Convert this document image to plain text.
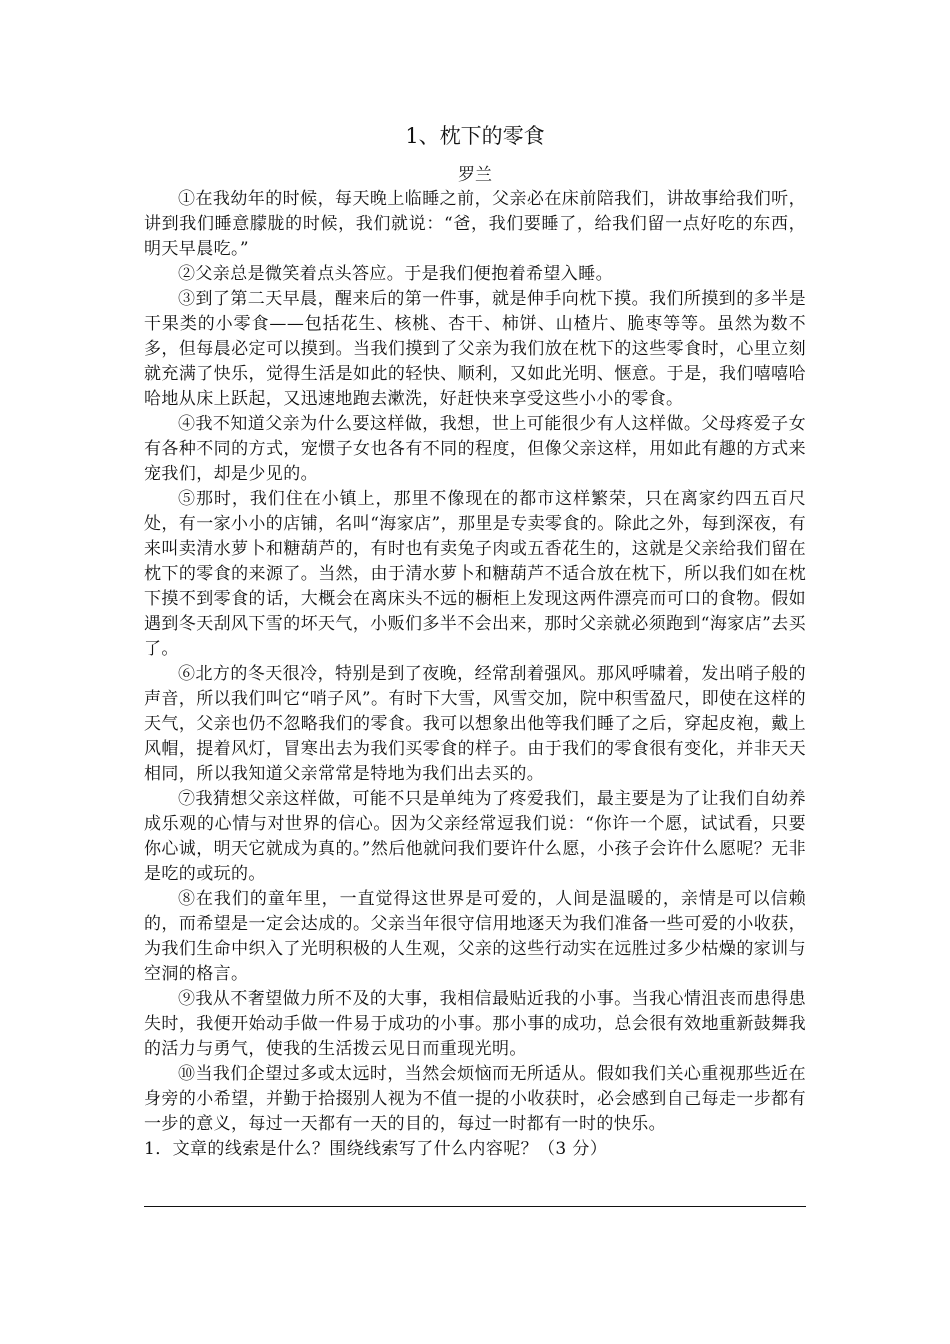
1、枕下的零食
罗兰

①在我幼年的时候，每天晚上临睡之前，父亲必在床前陪我们，讲故事给我们听，讲到我们睡意朦胧的时候，我们就说：“爸，我们要睡了，给我们留一点好吃的东西，明天早晨吃。”

②父亲总是微笑着点头答应。于是我们便抱着希望入睡。

③到了第二天早晨，醒来后的第一件事，就是伸手向枕下摸。我们所摸到的多半是干果类的小零食——包括花生、核桃、杏干、柿饼、山楂片、脆枣等等。虽然为数不多，但每晨必定可以摸到。当我们摸到了父亲为我们放在枕下的这些零食时，心里立刻就充满了快乐，觉得生活是如此的轻快、顺利，又如此光明、惬意。于是，我们嘻嘻哈哈地从床上跃起，又迅速地跑去漱洗，好赶快来享受这些小小的零食。

④我不知道父亲为什么要这样做，我想，世上可能很少有人这样做。父母疼爱子女有各种不同的方式，宠惯子女也各有不同的程度，但像父亲这样，用如此有趣的方式来宠我们，却是少见的。

⑤那时，我们住在小镇上，那里不像现在的都市这样繁荣，只在离家约四五百尺处，有一家小小的店铺，名叫“海家店”，那里是专卖零食的。除此之外，每到深夜，有来叫卖清水萝卜和糖葫芦的，有时也有卖兔子肉或五香花生的，这就是父亲给我们留在枕下的零食的来源了。当然，由于清水萝卜和糖葫芦不适合放在枕下，所以我们如在枕下摸不到零食的话，大概会在离床头不远的橱柜上发现这两件漂亮而可口的食物。假如遇到冬天刮风下雪的坏天气，小贩们多半不会出来，那时父亲就必须跑到“海家店”去买了。

⑥北方的冬天很冷，特别是到了夜晚，经常刮着强风。那风呼啸着，发出哨子般的声音，所以我们叫它“哨子风”。有时下大雪，风雪交加，院中积雪盈尺，即使在这样的天气，父亲也仍不忽略我们的零食。我可以想象出他等我们睡了之后，穿起皮袍，戴上风帽，提着风灯，冒寒出去为我们买零食的样子。由于我们的零食很有变化，并非天天相同，所以我知道父亲常常是特地为我们出去买的。

⑦我猜想父亲这样做，可能不只是单纯为了疼爱我们，最主要是为了让我们自幼养成乐观的心情与对世界的信心。因为父亲经常逗我们说：“你许一个愿，试试看，只要你心诚，明天它就成为真的。”然后他就问我们要许什么愿，小孩子会许什么愿呢？无非是吃的或玩的。

⑧在我们的童年里，一直觉得这世界是可爱的，人间是温暖的，亲情是可以信赖的，而希望是一定会达成的。父亲当年很守信用地逐天为我们准备一些可爱的小收获，为我们生命中织入了光明积极的人生观，父亲的这些行动实在远胜过多少枯燥的家训与空洞的格言。

⑨我从不奢望做力所不及的大事，我相信最贴近我的小事。当我心情沮丧而患得患失时，我便开始动手做一件易于成功的小事。那小事的成功，总会很有效地重新鼓舞我的活力与勇气，使我的生活拨云见日而重现光明。

⑩当我们企望过多或太远时，当然会烦恼而无所适从。假如我们关心重视那些近在身旁的小希望，并勤于拾掇别人视为不值一提的小收获时，必会感到自己每走一步都有一步的意义，每过一天都有一天的目的，每过一时都有一时的快乐。

1．文章的线索是什么？围绕线索写了什么内容呢？（3 分）
